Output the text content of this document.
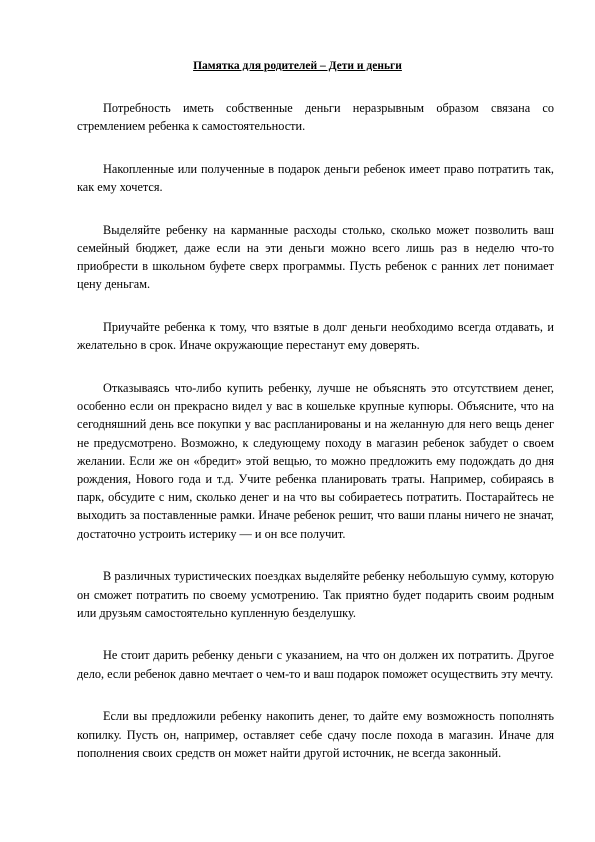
Памятка для родителей – Дети и деньги

Потребность иметь собственные деньги неразрывным образом связана со стремлением ребенка к самостоятельности.

Накопленные или полученные в подарок деньги ребенок имеет право потратить так, как ему хочется.

Выделяйте ребенку на карманные расходы столько, сколько может позволить ваш семейный бюджет, даже если на эти деньги можно всего лишь раз в неделю что-то приобрести в школьном буфете сверх программы. Пусть ребенок с ранних лет понимает цену деньгам.

Приучайте ребенка к тому, что взятые в долг деньги необходимо всегда отдавать, и желательно в срок. Иначе окружающие перестанут ему доверять.

Отказываясь что-либо купить ребенку, лучше не объяснять это отсутствием денег, особенно если он прекрасно видел у вас в кошельке крупные купюры. Объясните, что на сегодняшний день все покупки у вас распланированы и на желанную для него вещь денег не предусмотрено. Возможно, к следующему походу в магазин ребенок забудет о своем желании. Если же он «бредит» этой вещью, то можно предложить ему подождать до дня рождения, Нового года и т.д. Учите ребенка планировать траты. Например, собираясь в парк, обсудите с ним, сколько денег и на что вы собираетесь потратить. Постарайтесь не выходить за поставленные рамки. Иначе ребенок решит, что ваши планы ничего не значат, достаточно устроить истерику — и он все получит.

В различных туристических поездках выделяйте ребенку небольшую сумму, которую он сможет потратить по своему усмотрению. Так приятно будет подарить своим родным или друзьям самостоятельно купленную безделушку.

Не стоит дарить ребенку деньги с указанием, на что он должен их потратить. Другое дело, если ребенок давно мечтает о чем-то и ваш подарок поможет осуществить эту мечту.

Если вы предложили ребенку накопить денег, то дайте ему возможность пополнять копилку. Пусть он, например, оставляет себе сдачу после похода в магазин. Иначе для пополнения своих средств он может найти другой источник, не всегда законный.
